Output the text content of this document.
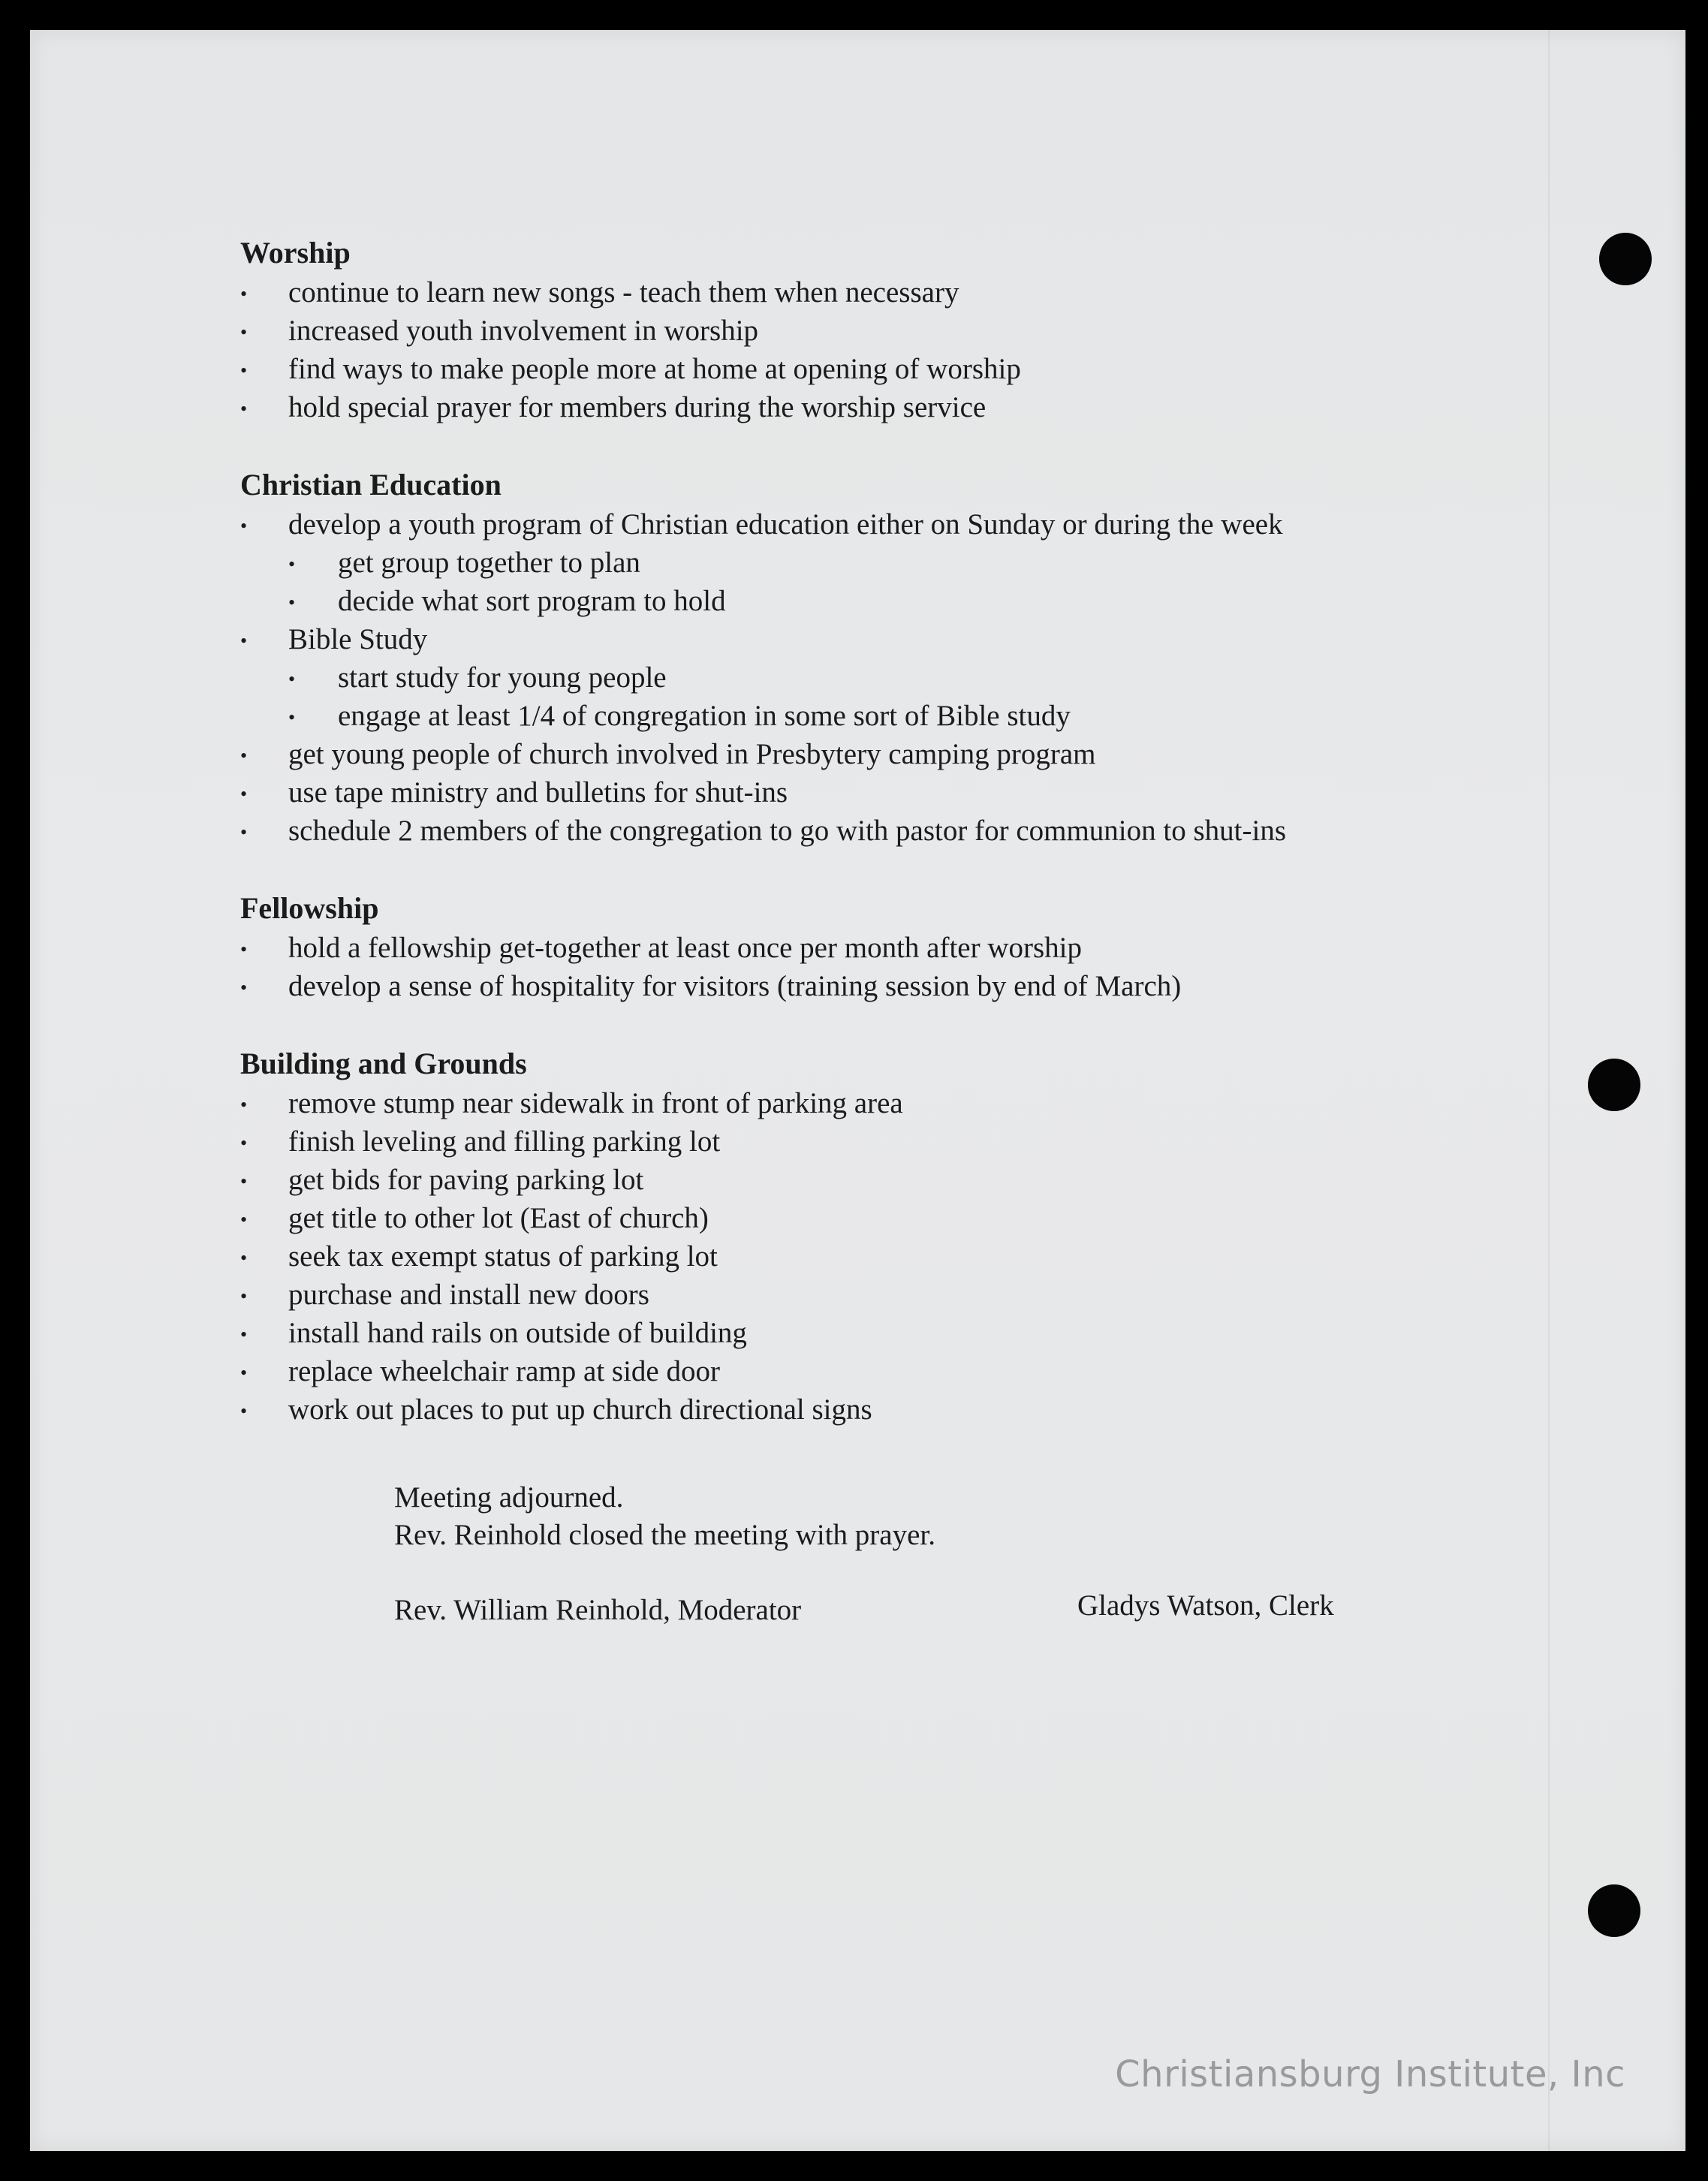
Worship
• continue to learn new songs - teach them when necessary
• increased youth involvement in worship
• find ways to make people more at home at opening of worship
• hold special prayer for members during the worship service
Christian Education
• develop a youth program of Christian education either on Sunday or during the week
• get group together to plan
• decide what sort program to hold
• Bible Study
• start study for young people
• engage at least 1/4 of congregation in some sort of Bible study
• get young people of church involved in Presbytery camping program
• use tape ministry and bulletins for shut-ins
• schedule 2 members of the congregation to go with pastor for communion to shut-ins
Fellowship
• hold a fellowship get-together at least once per month after worship
• develop a sense of hospitality for visitors (training session by end of March)
Building and Grounds
• remove stump near sidewalk in front of parking area
• finish leveling and filling parking lot
• get bids for paving parking lot
• get title to other lot (East of church)
• seek tax exempt status of parking lot
• purchase and install new doors
• install hand rails on outside of building
• replace wheelchair ramp at side door
• work out places to put up church directional signs
Meeting adjourned.
Rev. Reinhold closed the meeting with prayer.
Rev. William Reinhold, Moderator	Gladys Watson, Clerk
Christiansburg Institute, Inc
